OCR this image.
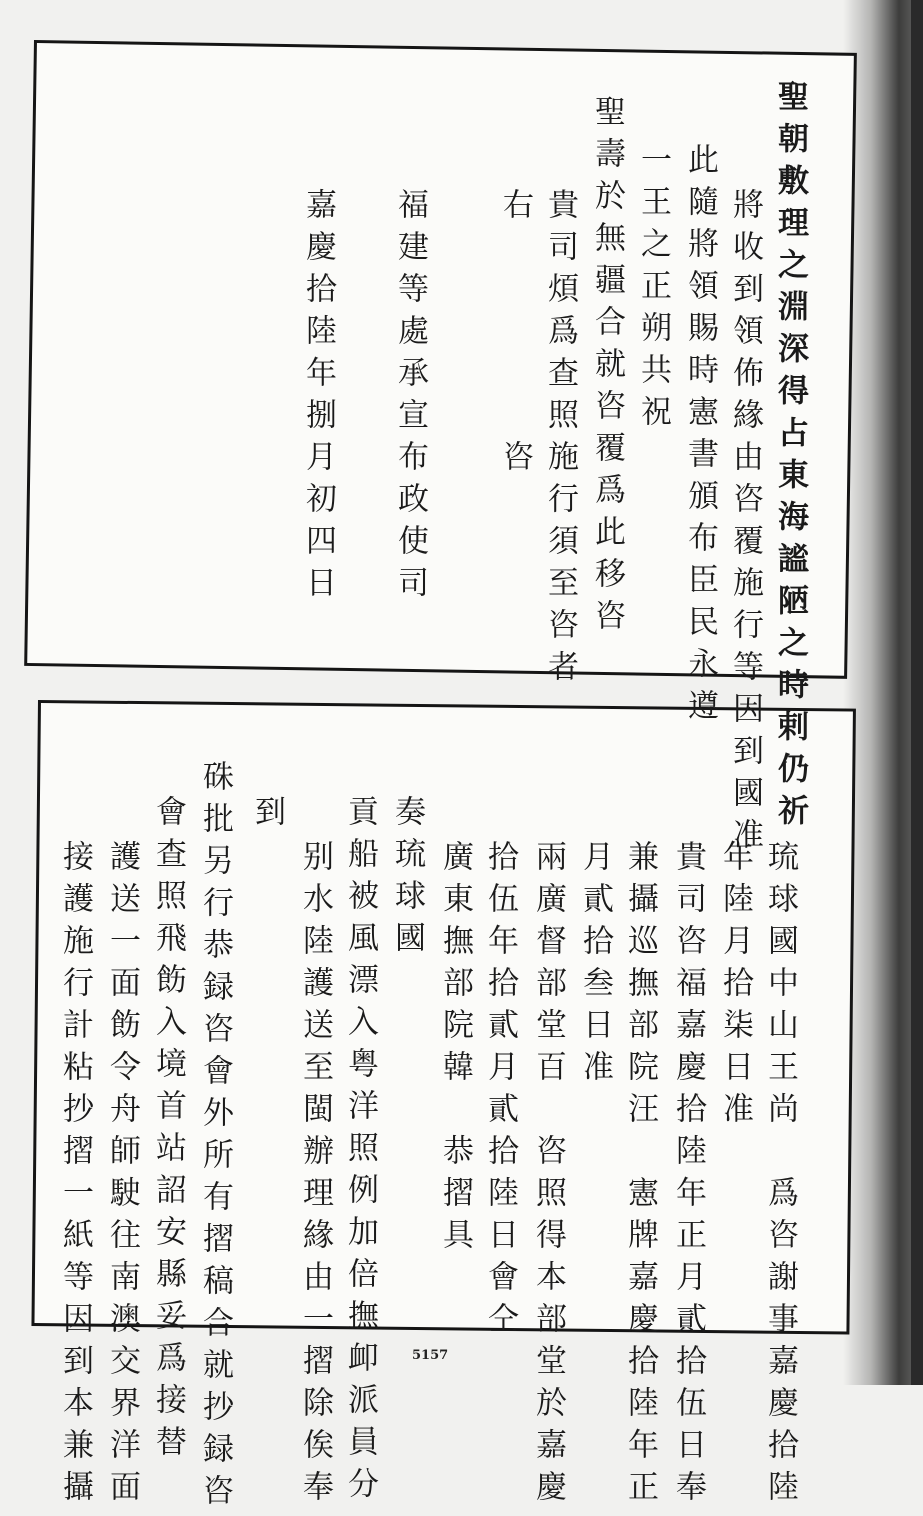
聖朝敷理之淵深得占東海謐陋之時剌仍祈
將收到領佈緣由咨覆施行等因到國准
此隨將領賜時憲書頒布臣民永遵
一王之正朔共祝
聖壽於無疆合就咨覆爲此移咨
貴司煩爲查照施行須至咨者
右
咨
福建等處承宣布政使司
嘉慶拾陸年捌月初四日
琉球國中山王尚　爲咨謝事嘉慶拾陸
年陸月拾柒日准
貴司咨福嘉慶拾陸年正月貳拾伍日奉
兼攝巡撫部院汪　憲牌嘉慶拾陸年正
月貳拾叁日准
兩廣督部堂百　咨照得本部堂於嘉慶
拾伍年拾貳月貳拾陸日會仝
廣東撫部院韓　恭摺具
奏琉球國
貢船被風漂入粤洋照例加倍撫卹派員分
别水陸護送至閩辦理緣由一摺除俟奉
到
硃批另行恭録咨會外所有摺稿合就抄録咨
會查照飛飭入境首站詔安縣妥爲接替
護送一面飭令舟師駛往南澳交界洋面
接護施行計粘抄摺一紙等因到本兼攝	5157
